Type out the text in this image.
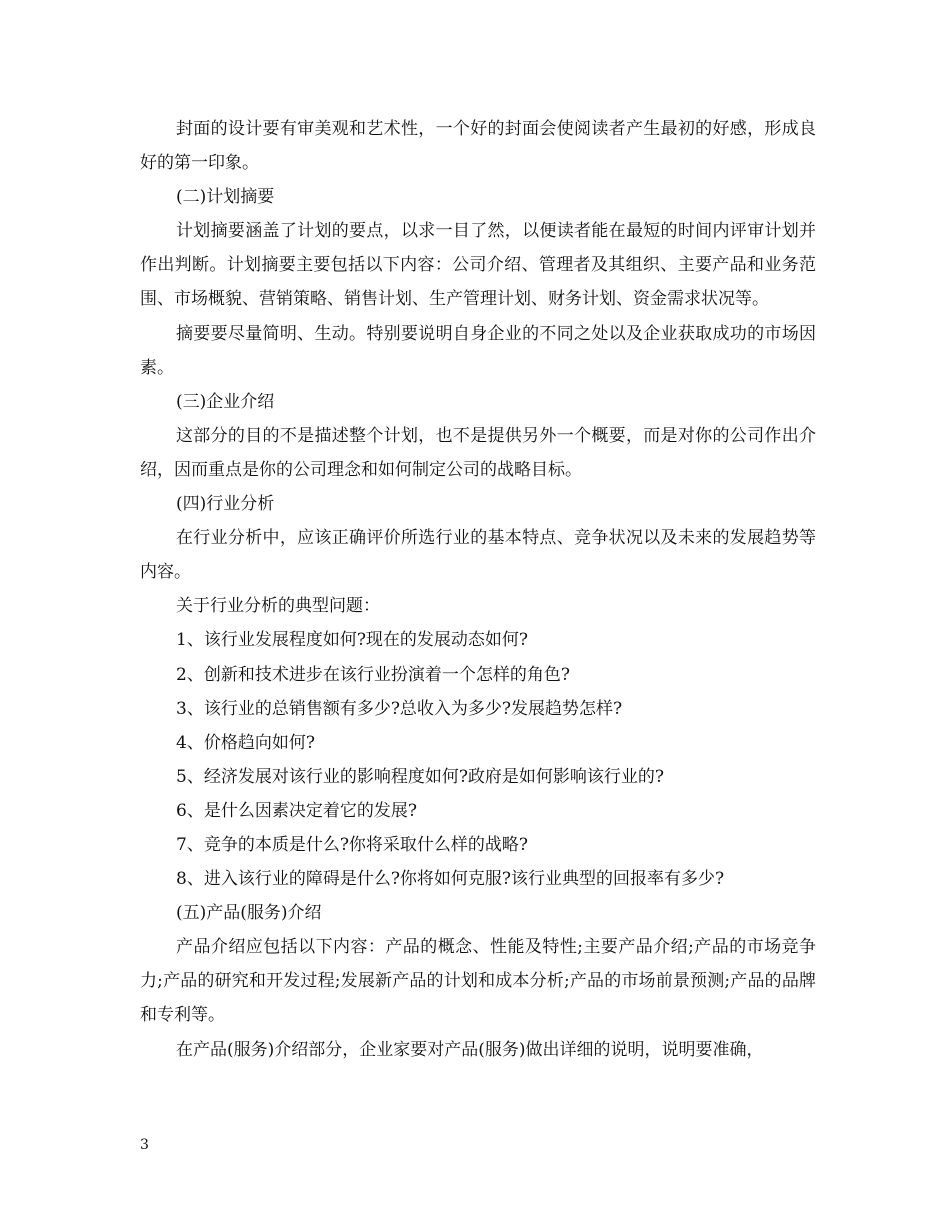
封面的设计要有审美观和艺术性，一个好的封面会使阅读者产生最初的好感，形成良好的第一印象。

(二)计划摘要

计划摘要涵盖了计划的要点，以求一目了然，以便读者能在最短的时间内评审计划并作出判断。计划摘要主要包括以下内容：公司介绍、管理者及其组织、主要产品和业务范围、市场概貌、营销策略、销售计划、生产管理计划、财务计划、资金需求状况等。

摘要要尽量简明、生动。特别要说明自身企业的不同之处以及企业获取成功的市场因素。

(三)企业介绍

这部分的目的不是描述整个计划，也不是提供另外一个概要，而是对你的公司作出介绍，因而重点是你的公司理念和如何制定公司的战略目标。

(四)行业分析

在行业分析中，应该正确评价所选行业的基本特点、竞争状况以及未来的发展趋势等内容。

关于行业分析的典型问题：

1、该行业发展程度如何?现在的发展动态如何?

2、创新和技术进步在该行业扮演着一个怎样的角色?

3、该行业的总销售额有多少?总收入为多少?发展趋势怎样?

4、价格趋向如何?

5、经济发展对该行业的影响程度如何?政府是如何影响该行业的?

6、是什么因素决定着它的发展?

7、竞争的本质是什么?你将采取什么样的战略?

8、进入该行业的障碍是什么?你将如何克服?该行业典型的回报率有多少?

(五)产品(服务)介绍

产品介绍应包括以下内容：产品的概念、性能及特性;主要产品介绍;产品的市场竞争力;产品的研究和开发过程;发展新产品的计划和成本分析;产品的市场前景预测;产品的品牌和专利等。

在产品(服务)介绍部分，企业家要对产品(服务)做出详细的说明，说明要准确，

3
